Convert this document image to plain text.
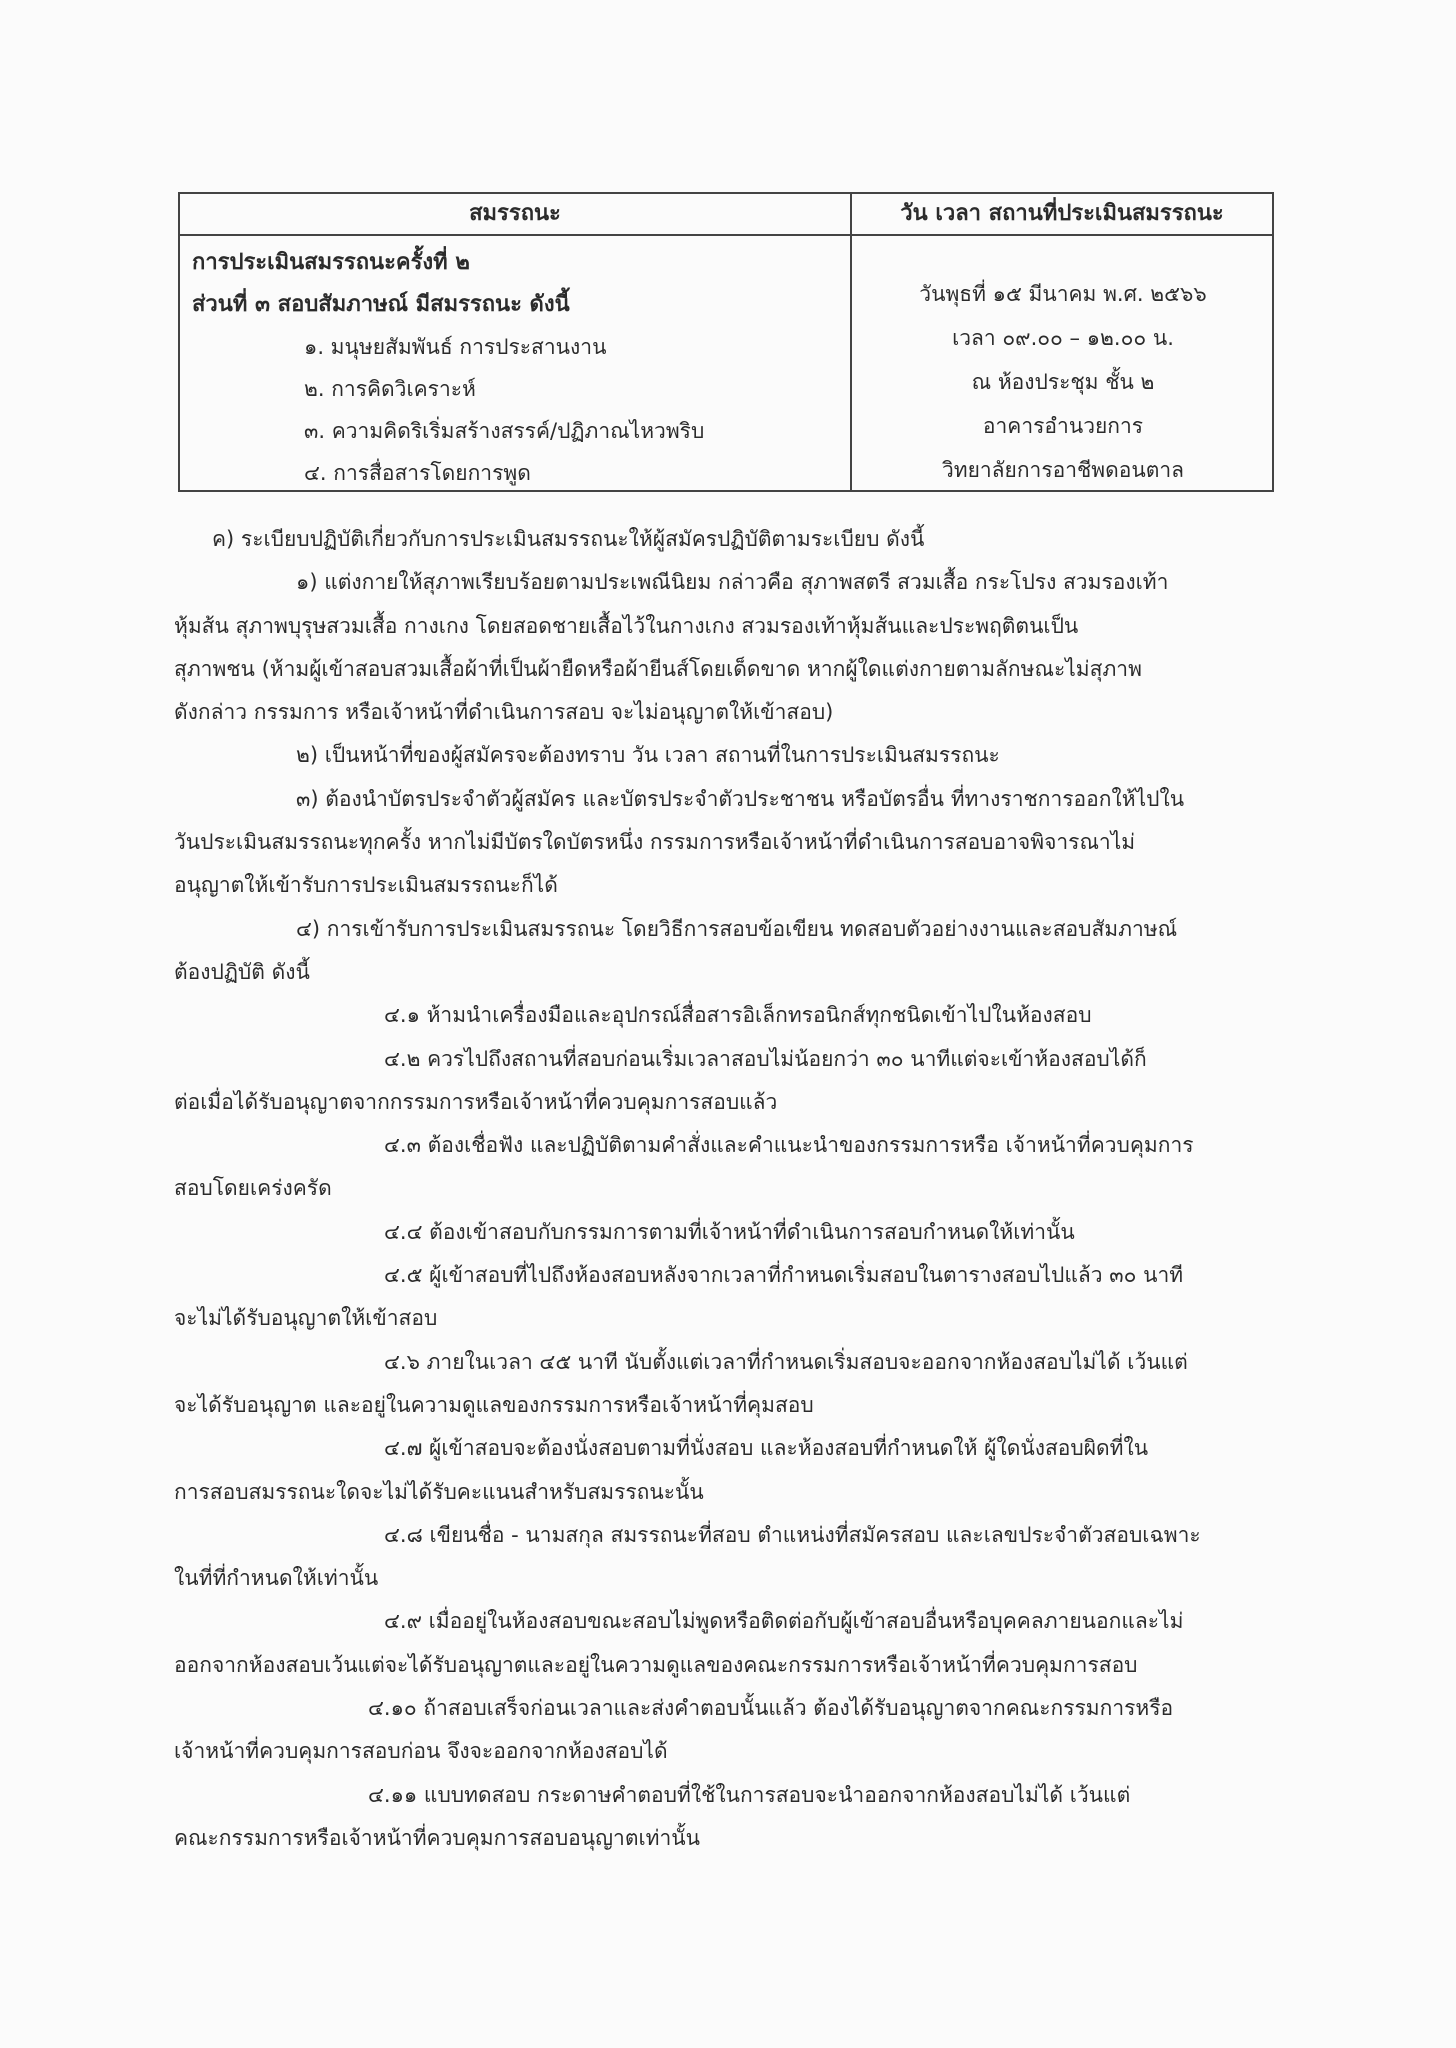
สมรรถนะ	วัน เวลา สถานที่ประเมินสมรรถนะ
การประเมินสมรรถนะครั้งที่ ๒
ส่วนที่ ๓ สอบสัมภาษณ์ มีสมรรถนะ ดังนี้
๑. มนุษยสัมพันธ์ การประสานงาน
๒. การคิดวิเคราะห์
๓. ความคิดริเริ่มสร้างสรรค์/ปฏิภาณไหวพริบ
๔. การสื่อสารโดยการพูด
วันพุธที่ ๑๕ มีนาคม พ.ศ. ๒๕๖๖
เวลา ๐๙.๐๐ – ๑๒.๐๐ น.
ณ ห้องประชุม ชั้น ๒
อาคารอำนวยการ
วิทยาลัยการอาชีพดอนตาล
ค) ระเบียบปฏิบัติเกี่ยวกับการประเมินสมรรถนะให้ผู้สมัครปฏิบัติตามระเบียบ ดังนี้
๑) แต่งกายให้สุภาพเรียบร้อยตามประเพณีนิยม กล่าวคือ สุภาพสตรี สวมเสื้อ กระโปรง สวมรองเท้า
หุ้มส้น สุภาพบุรุษสวมเสื้อ กางเกง โดยสอดชายเสื้อไว้ในกางเกง สวมรองเท้าหุ้มส้นและประพฤติตนเป็น
สุภาพชน (ห้ามผู้เข้าสอบสวมเสื้อผ้าที่เป็นผ้ายืดหรือผ้ายีนส์โดยเด็ดขาด หากผู้ใดแต่งกายตามลักษณะไม่สุภาพ
ดังกล่าว กรรมการ หรือเจ้าหน้าที่ดำเนินการสอบ จะไม่อนุญาตให้เข้าสอบ)
๒) เป็นหน้าที่ของผู้สมัครจะต้องทราบ วัน เวลา สถานที่ในการประเมินสมรรถนะ
๓) ต้องนำบัตรประจำตัวผู้สมัคร และบัตรประจำตัวประชาชน หรือบัตรอื่น ที่ทางราชการออกให้ไปใน
วันประเมินสมรรถนะทุกครั้ง หากไม่มีบัตรใดบัตรหนึ่ง กรรมการหรือเจ้าหน้าที่ดำเนินการสอบอาจพิจารณาไม่
อนุญาตให้เข้ารับการประเมินสมรรถนะก็ได้
๔) การเข้ารับการประเมินสมรรถนะ โดยวิธีการสอบข้อเขียน ทดสอบตัวอย่างงานและสอบสัมภาษณ์
ต้องปฏิบัติ ดังนี้
๔.๑ ห้ามนำเครื่องมือและอุปกรณ์สื่อสารอิเล็กทรอนิกส์ทุกชนิดเข้าไปในห้องสอบ
๔.๒ ควรไปถึงสถานที่สอบก่อนเริ่มเวลาสอบไม่น้อยกว่า ๓๐ นาทีแต่จะเข้าห้องสอบได้ก็
ต่อเมื่อได้รับอนุญาตจากกรรมการหรือเจ้าหน้าที่ควบคุมการสอบแล้ว
๔.๓ ต้องเชื่อฟัง และปฏิบัติตามคำสั่งและคำแนะนำของกรรมการหรือ เจ้าหน้าที่ควบคุมการ
สอบโดยเคร่งครัด
๔.๔ ต้องเข้าสอบกับกรรมการตามที่เจ้าหน้าที่ดำเนินการสอบกำหนดให้เท่านั้น
๔.๕ ผู้เข้าสอบที่ไปถึงห้องสอบหลังจากเวลาที่กำหนดเริ่มสอบในตารางสอบไปแล้ว ๓๐ นาที
จะไม่ได้รับอนุญาตให้เข้าสอบ
๔.๖ ภายในเวลา ๔๕ นาที นับตั้งแต่เวลาที่กำหนดเริ่มสอบจะออกจากห้องสอบไม่ได้ เว้นแต่
จะได้รับอนุญาต และอยู่ในความดูแลของกรรมการหรือเจ้าหน้าที่คุมสอบ
๔.๗ ผู้เข้าสอบจะต้องนั่งสอบตามที่นั่งสอบ และห้องสอบที่กำหนดให้ ผู้ใดนั่งสอบผิดที่ใน
การสอบสมรรถนะใดจะไม่ได้รับคะแนนสำหรับสมรรถนะนั้น
๔.๘ เขียนชื่อ - นามสกุล สมรรถนะที่สอบ ตำแหน่งที่สมัครสอบ และเลขประจำตัวสอบเฉพาะ
ในที่ที่กำหนดให้เท่านั้น
๔.๙ เมื่ออยู่ในห้องสอบขณะสอบไม่พูดหรือติดต่อกับผู้เข้าสอบอื่นหรือบุคคลภายนอกและไม่
ออกจากห้องสอบเว้นแต่จะได้รับอนุญาตและอยู่ในความดูแลของคณะกรรมการหรือเจ้าหน้าที่ควบคุมการสอบ
๔.๑๐ ถ้าสอบเสร็จก่อนเวลาและส่งคำตอบนั้นแล้ว ต้องได้รับอนุญาตจากคณะกรรมการหรือ
เจ้าหน้าที่ควบคุมการสอบก่อน จึงจะออกจากห้องสอบได้
๔.๑๑ แบบทดสอบ กระดาษคำตอบที่ใช้ในการสอบจะนำออกจากห้องสอบไม่ได้ เว้นแต่
คณะกรรมการหรือเจ้าหน้าที่ควบคุมการสอบอนุญาตเท่านั้น
